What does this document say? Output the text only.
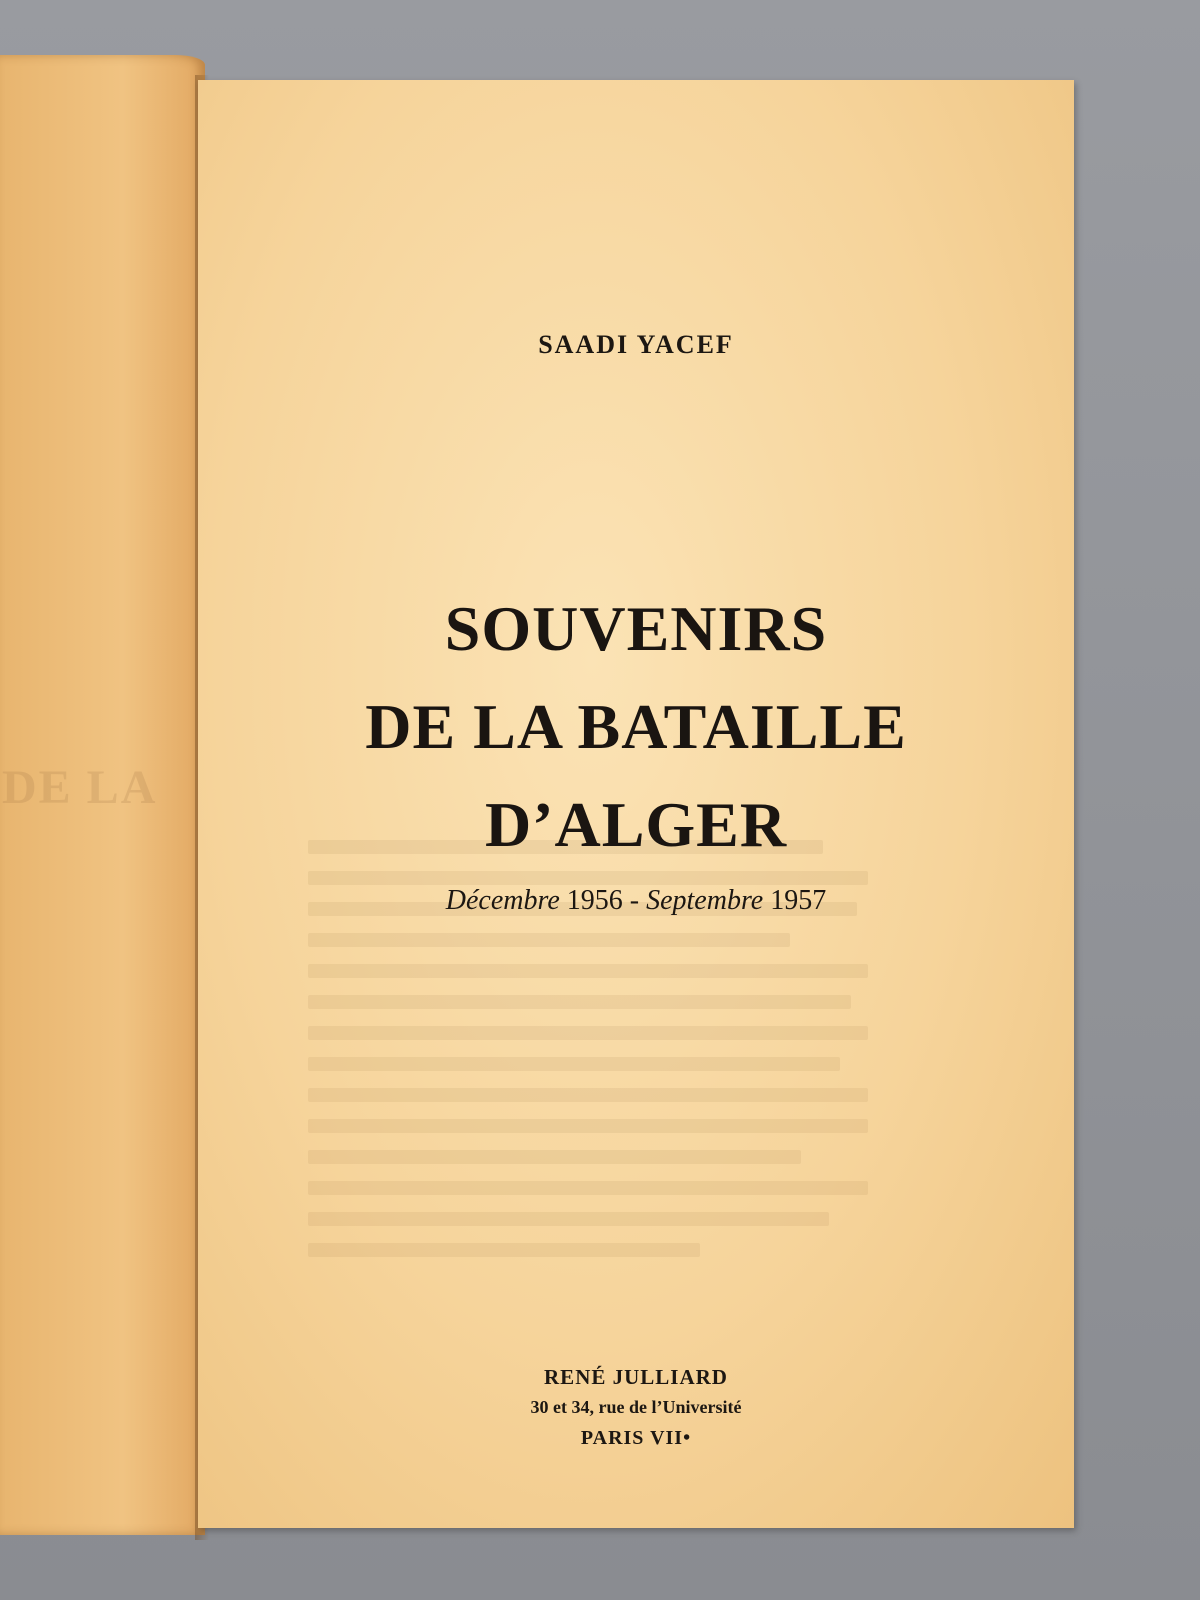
DE LA
SAADI YACEF
SOUVENIRS
DE LA BATAILLE
D’ALGER
Décembre 1956 - Septembre 1957
RENÉ JULLIARD
30 et 34, rue de l’Université
PARIS VII•
